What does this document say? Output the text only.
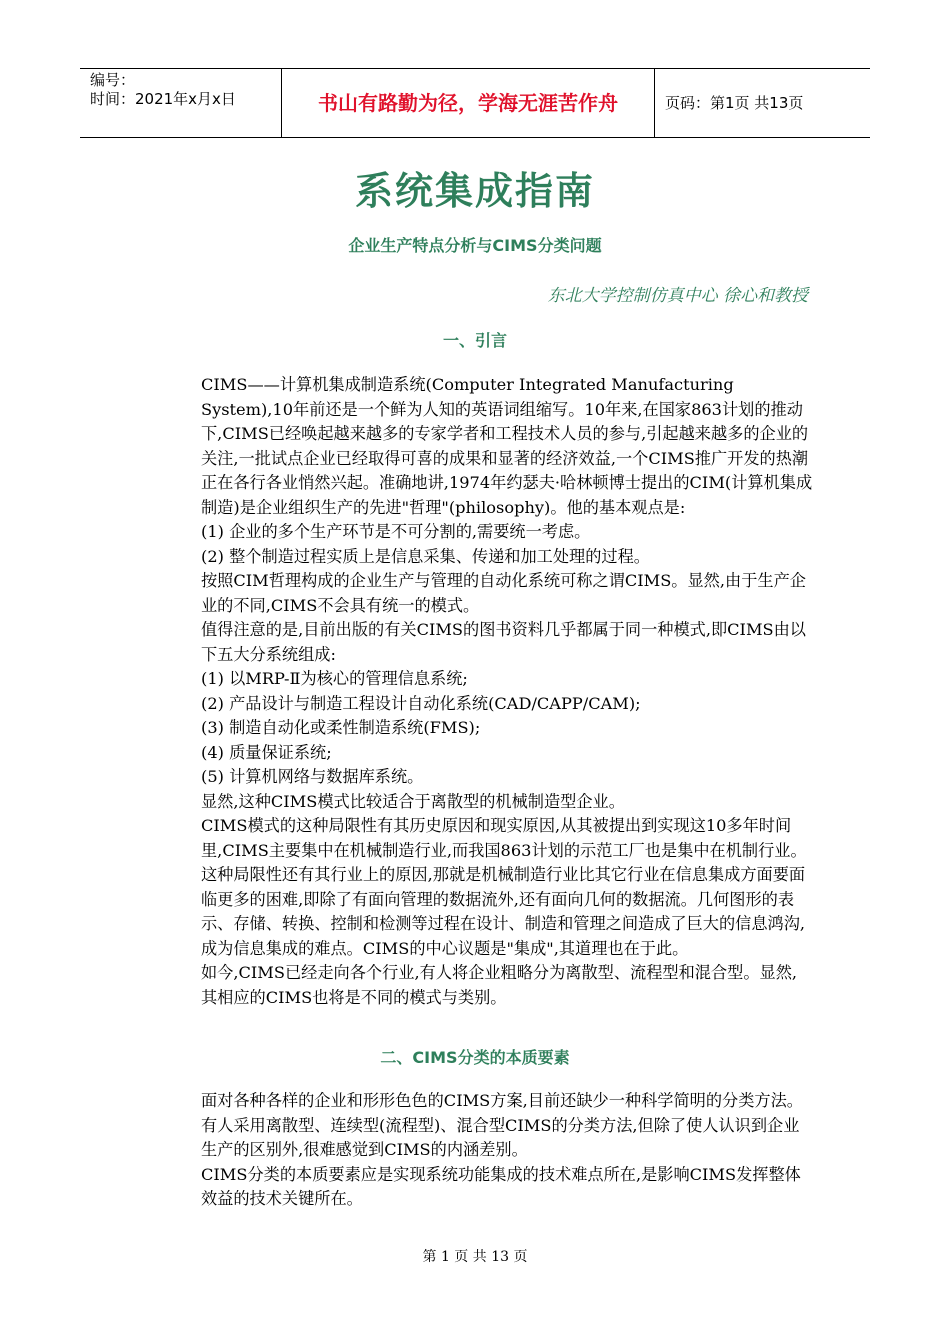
编号：
时间：2021年x月x日	书山有路勤为径，学海无涯苦作舟	页码：第1页 共13页
系统集成指南
企业生产特点分析与CIMS分类问题
东北大学控制仿真中心 徐心和教授
一、引言

CIMS——计算机集成制造系统(Computer Integrated Manufacturing System),10年前还是一个鲜为人知的英语词组缩写。10年来,在国家863计划的推动下,CIMS已经唤起越来越多的专家学者和工程技术人员的参与,引起越来越多的企业的关注,一批试点企业已经取得可喜的成果和显著的经济效益,一个CIMS推广开发的热潮正在各行各业悄然兴起。准确地讲,1974年约瑟夫·哈林顿博士提出的CIM(计算机集成制造)是企业组织生产的先进"哲理"(philosophy)。他的基本观点是:

(1) 企业的多个生产环节是不可分割的,需要统一考虑。

(2) 整个制造过程实质上是信息采集、传递和加工处理的过程。

按照CIM哲理构成的企业生产与管理的自动化系统可称之谓CIMS。显然,由于生产企业的不同,CIMS不会具有统一的模式。

值得注意的是,目前出版的有关CIMS的图书资料几乎都属于同一种模式,即CIMS由以下五大分系统组成:

(1) 以MRP-Ⅱ为核心的管理信息系统;

(2) 产品设计与制造工程设计自动化系统(CAD/CAPP/CAM);

(3) 制造自动化或柔性制造系统(FMS);

(4) 质量保证系统;

(5) 计算机网络与数据库系统。

显然,这种CIMS模式比较适合于离散型的机械制造型企业。

CIMS模式的这种局限性有其历史原因和现实原因,从其被提出到实现这10多年时间里,CIMS主要集中在机械制造行业,而我国863计划的示范工厂也是集中在机制行业。这种局限性还有其行业上的原因,那就是机械制造行业比其它行业在信息集成方面要面临更多的困难,即除了有面向管理的数据流外,还有面向几何的数据流。几何图形的表示、存储、转换、控制和检测等过程在设计、制造和管理之间造成了巨大的信息鸿沟,成为信息集成的难点。CIMS的中心议题是"集成",其道理也在于此。

如今,CIMS已经走向各个行业,有人将企业粗略分为离散型、流程型和混合型。显然,其相应的CIMS也将是不同的模式与类别。

二、CIMS分类的本质要素

面对各种各样的企业和形形色色的CIMS方案,目前还缺少一种科学简明的分类方法。有人采用离散型、连续型(流程型)、混合型CIMS的分类方法,但除了使人认识到企业生产的区别外,很难感觉到CIMS的内涵差别。

CIMS分类的本质要素应是实现系统功能集成的技术难点所在,是影响CIMS发挥整体效益的技术关键所在。

第 1 页 共 13 页
